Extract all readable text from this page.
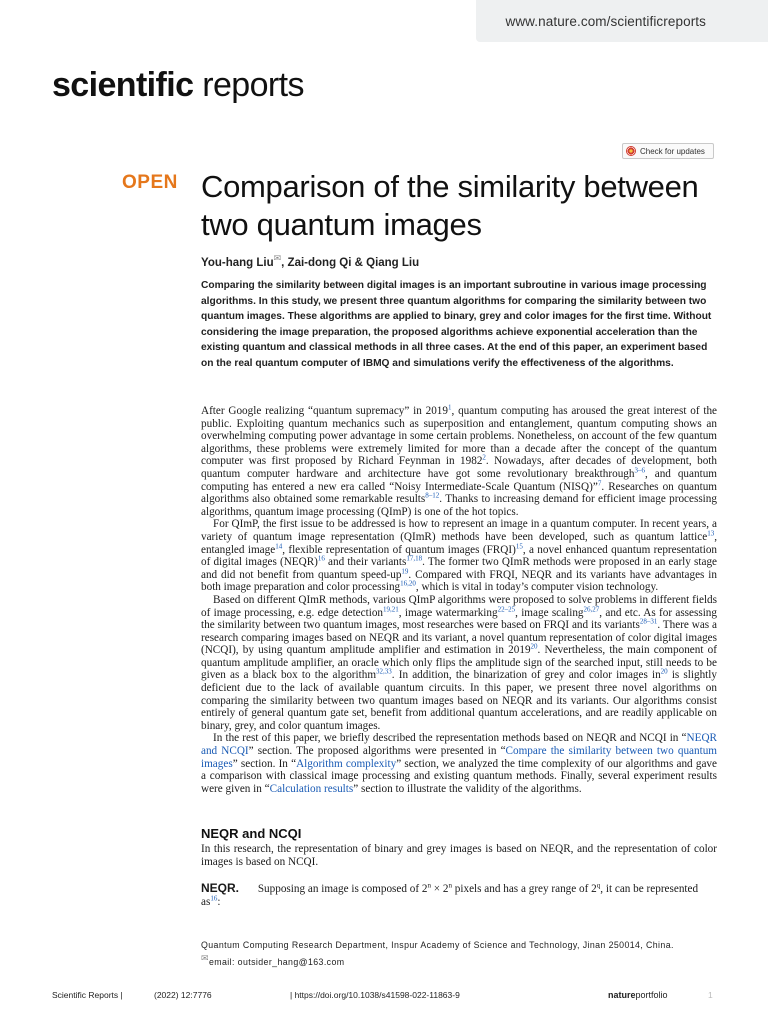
www.nature.com/scientificreports
scientific reports
Check for updates
OPEN Comparison of the similarity between two quantum images
You-hang Liu✉, Zai-dong Qi & Qiang Liu

Comparing the similarity between digital images is an important subroutine in various image processing algorithms. In this study, we present three quantum algorithms for comparing the similarity between two quantum images. These algorithms are applied to binary, grey and color images for the first time. Without considering the image preparation, the proposed algorithms achieve exponential acceleration than the existing quantum and classical methods in all three cases. At the end of this paper, an experiment based on the real quantum computer of IBMQ and simulations verify the effectiveness of the algorithms.

After Google realizing “quantum supremacy” in 2019$^1$, quantum computing has aroused the great interest of the public. Exploiting quantum mechanics such as superposition and entanglement, quantum computing shows an overwhelming computing power advantage in some certain problems. Nonetheless, on account of the few quantum algorithms, these problems were extremely limited for more than a decade after the concept of the quantum computer was first proposed by Richard Feynman in 1982$^2$. Nowadays, after decades of development, both quantum computer hardware and architecture have got some revolutionary breakthrough$^{3-6}$, and quantum computing has entered a new era called “Noisy Intermediate-Scale Quantum (NISQ)”$^7$. Researches on quantum algorithms also obtained some remarkable results$^{8-12}$. Thanks to increasing demand for efficient image processing algorithms, quantum image processing (QImP) is one of the hot topics.

For QImP, the first issue to be addressed is how to represent an image in a quantum computer. In recent years, a variety of quantum image representation (QImR) methods have been developed, such as quantum lattice$^{13}$, entangled image$^{14}$, flexible representation of quantum images (FRQI)$^{15}$, a novel enhanced quantum representation of digital images (NEQR)$^{16}$ and their variants$^{17,18}$. The former two QImR methods were proposed in an early stage and did not benefit from quantum speed-up$^{19}$. Compared with FRQI, NEQR and its variants have advantages in both image preparation and color processing$^{16,20}$, which is vital in today’s computer vision technology.

Based on different QImR methods, various QImP algorithms were proposed to solve problems in different fields of image processing, e.g. edge detection$^{19,21}$, image watermarking$^{22-25}$, image scaling$^{26,27}$, and etc. As for assessing the similarity between two quantum images, most researches were based on FRQI and its variants$^{28-31}$. There was a research comparing images based on NEQR and its variant, a novel quantum representation of color digital images (NCQI), by using quantum amplitude amplifier and estimation in 2019$^{20}$. Nevertheless, the main component of quantum amplitude amplifier, an oracle which only flips the amplitude sign of the searched input, still needs to be given as a black box to the algorithm$^{32,33}$. In addition, the binarization of grey and color images in$^{20}$ is slightly deficient due to the lack of available quantum circuits. In this paper, we present three novel algorithms on comparing the similarity between two quantum images based on NEQR and its variants. Our algorithms consist entirely of general quantum gate set, benefit from additional quantum accelerations, and are readily applicable on binary, grey, and color quantum images.

In the rest of this paper, we briefly described the representation methods based on NEQR and NCQI in “NEQR and NCQI” section. The proposed algorithms were presented in “Compare the similarity between two quantum images” section. In “Algorithm complexity” section, we analyzed the time complexity of our algorithms and gave a comparison with classical image processing and existing quantum methods. Finally, several experiment results were given in “Calculation results” section to illustrate the validity of the algorithms.

NEQR and NCQI

In this research, the representation of binary and grey images is based on NEQR, and the representation of color images is based on NCQI.

NEQR. Supposing an image is composed of $2^n \times 2^n$ pixels and has a grey range of 2$^q$, it can be represented as$^{16}$:

Quantum Computing Research Department, Inspur Academy of Science and Technology, Jinan 250014, China.
✉email: outsider_hang@163.com
Scientific Reports |	(2022) 12:7776	| https://doi.org/10.1038/s41598-022-11863-9	natureportfolio	1
